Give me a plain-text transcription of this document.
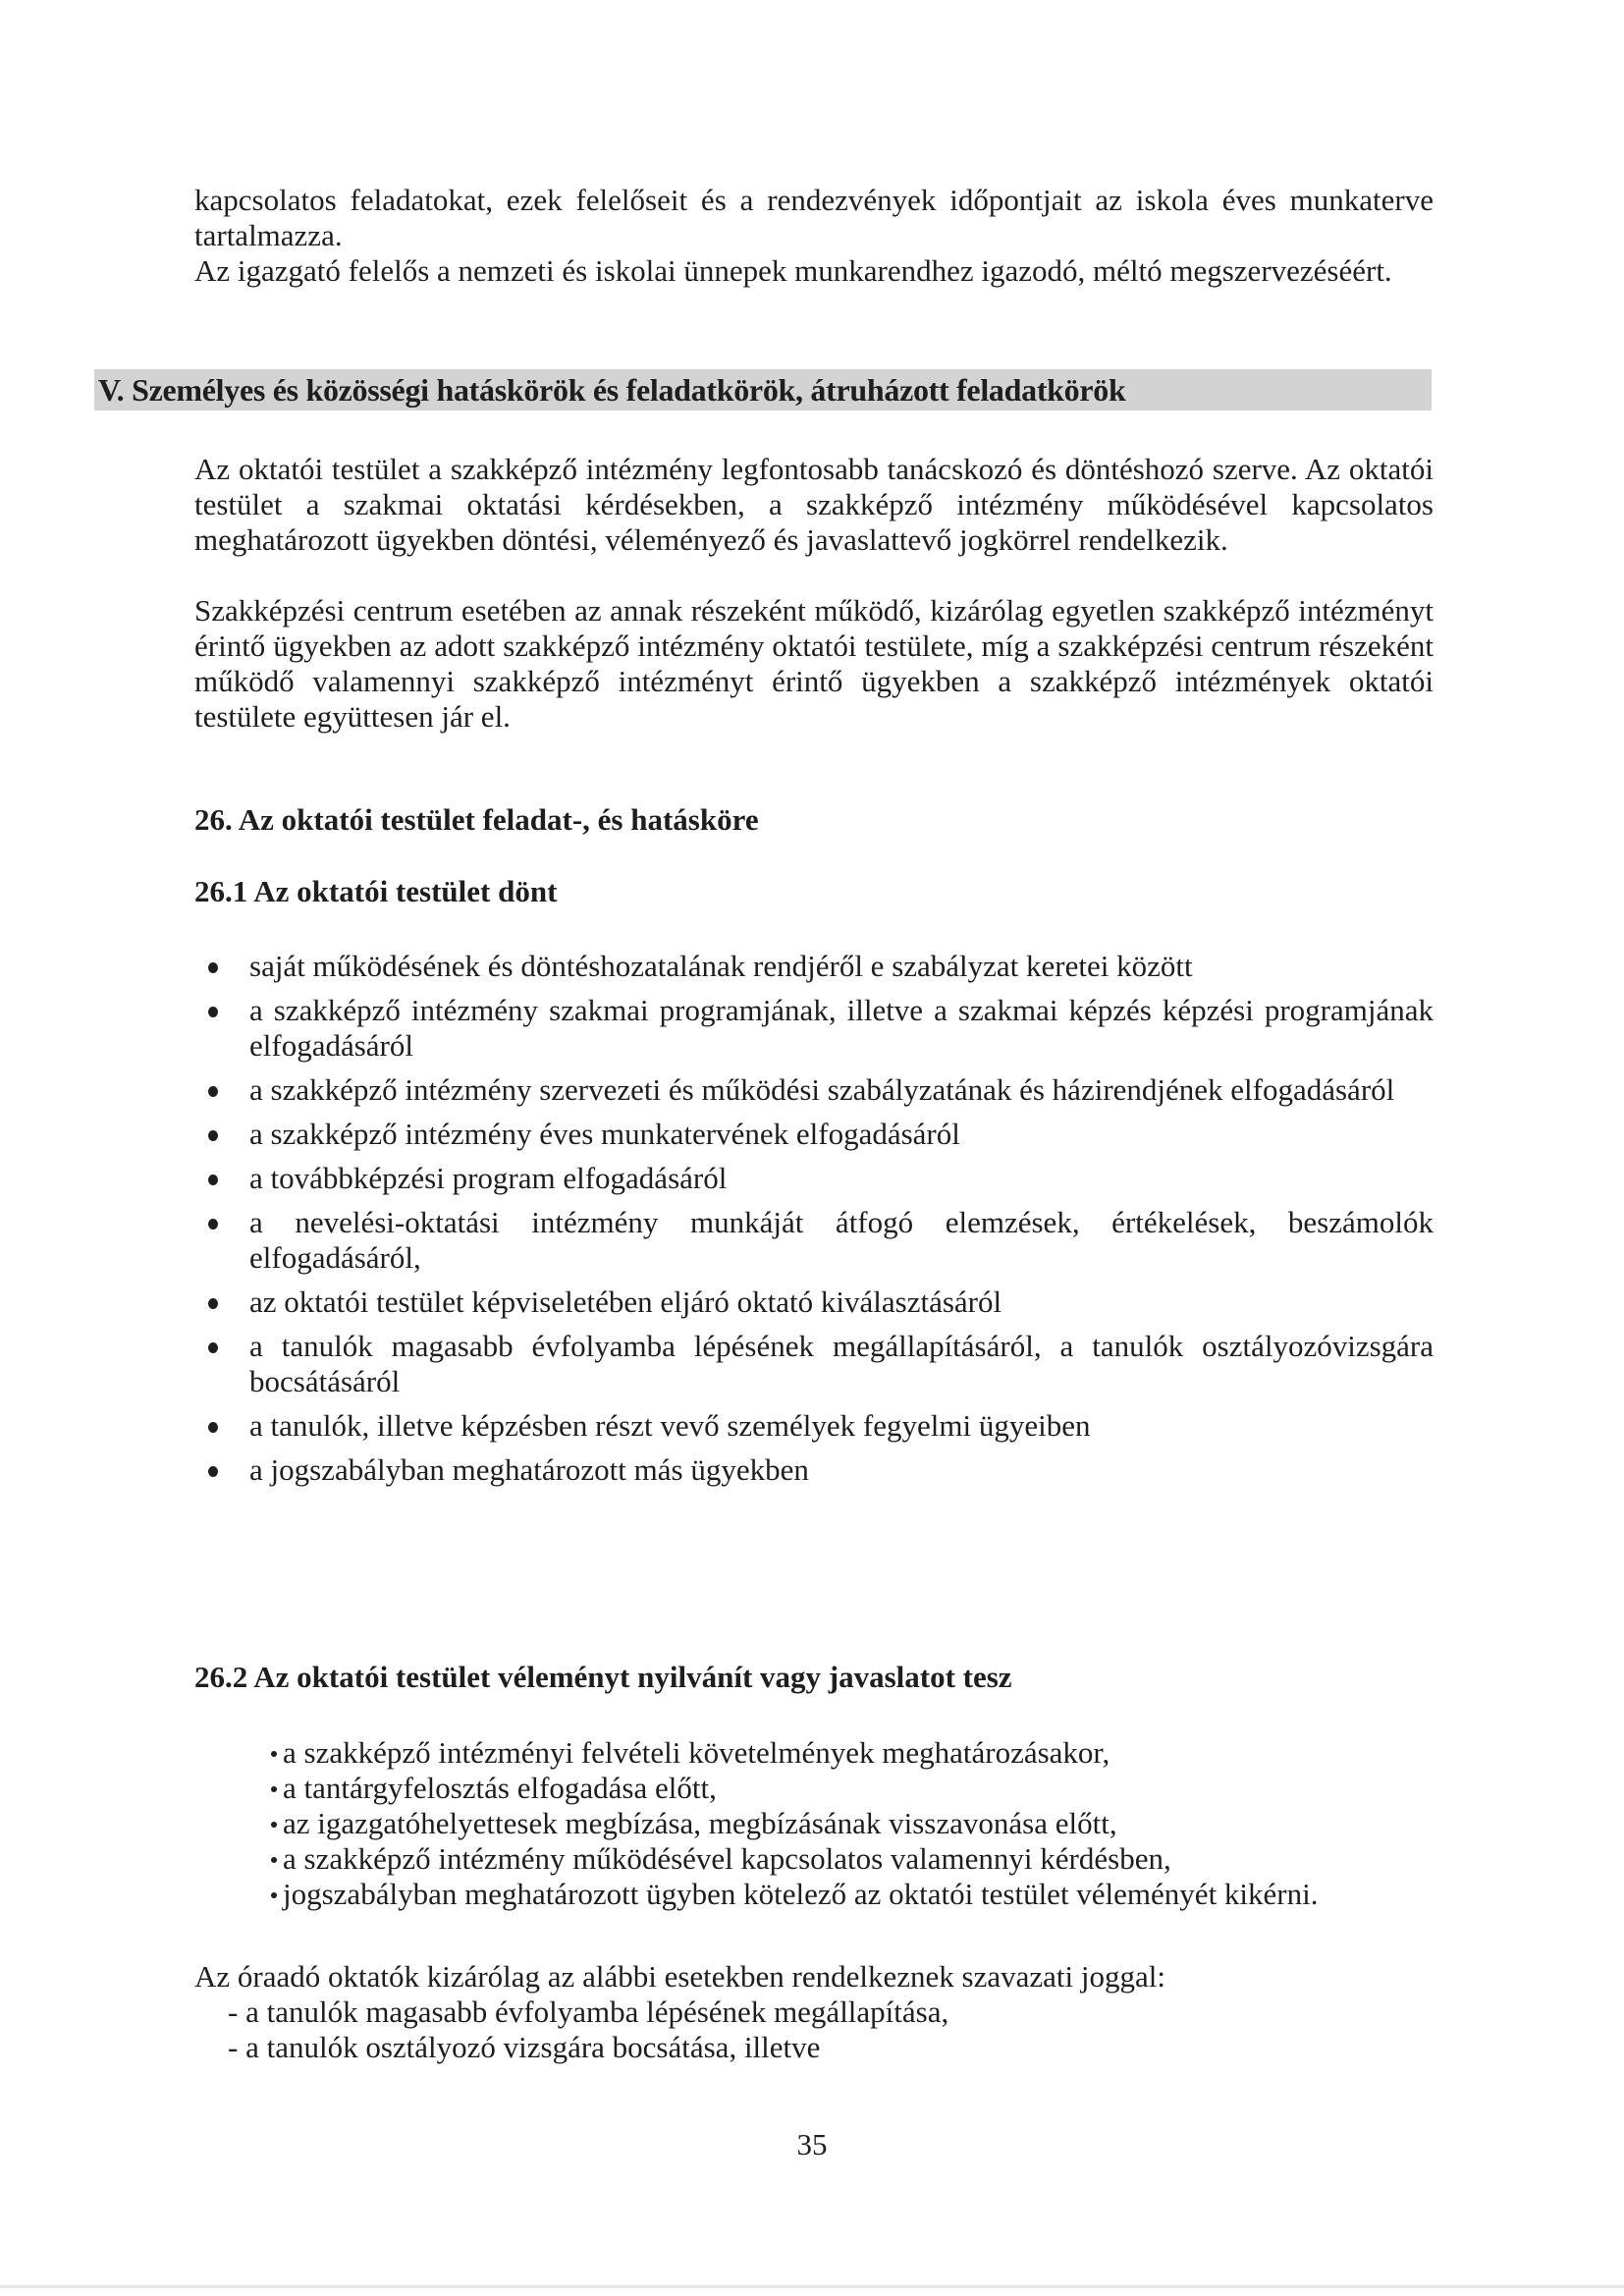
kapcsolatos feladatokat, ezek felelőseit és a rendezvények időpontjait az iskola éves munkaterve tartalmazza.

Az igazgató felelős a nemzeti és iskolai ünnepek munkarendhez igazodó, méltó megszervezéséért.

V. Személyes és közösségi hatáskörök és feladatkörök, átruházott feladatkörök

Az oktatói testület a szakképző intézmény legfontosabb tanácskozó és döntéshozó szerve. Az oktatói testület a szakmai oktatási kérdésekben, a szakképző intézmény működésével kapcsolatos meghatározott ügyekben döntési, véleményező és javaslattevő jogkörrel rendelkezik.

Szakképzési centrum esetében az annak részeként működő, kizárólag egyetlen szakképző intézményt érintő ügyekben az adott szakképző intézmény oktatói testülete, míg a szakképzési centrum részeként működő valamennyi szakképző intézményt érintő ügyekben a szakképző intézmények oktatói testülete együttesen jár el.

26. Az oktatói testület feladat-, és hatásköre
26.1 Az oktatói testület dönt
saját működésének és döntéshozatalának rendjéről e szabályzat keretei között
a szakképző intézmény szakmai programjának, illetve a szakmai képzés képzési programjának elfogadásáról
a szakképző intézmény szervezeti és működési szabályzatának és házirendjének elfogadásáról
a szakképző intézmény éves munkatervének elfogadásáról
a továbbképzési program elfogadásáról
a nevelési-oktatási intézmény munkáját átfogó elemzések, értékelések, beszámolók elfogadásáról,
az oktatói testület képviseletében eljáró oktató kiválasztásáról
a tanulók magasabb évfolyamba lépésének megállapításáról, a tanulók osztályozóvizsgára bocsátásáról
a tanulók, illetve képzésben részt vevő személyek fegyelmi ügyeiben
a jogszabályban meghatározott más ügyekben
26.2 Az oktatói testület véleményt nyilvánít vagy javaslatot tesz
a szakképző intézményi felvételi követelmények meghatározásakor,
a tantárgyfelosztás elfogadása előtt,
az igazgatóhelyettesek megbízása, megbízásának visszavonása előtt,
a szakképző intézmény működésével kapcsolatos valamennyi kérdésben,
jogszabályban meghatározott ügyben kötelező az oktatói testület véleményét kikérni.
Az óraadó oktatók kizárólag az alábbi esetekben rendelkeznek szavazati joggal:
- a tanulók magasabb évfolyamba lépésének megállapítása,
- a tanulók osztályozó vizsgára bocsátása, illetve
35
